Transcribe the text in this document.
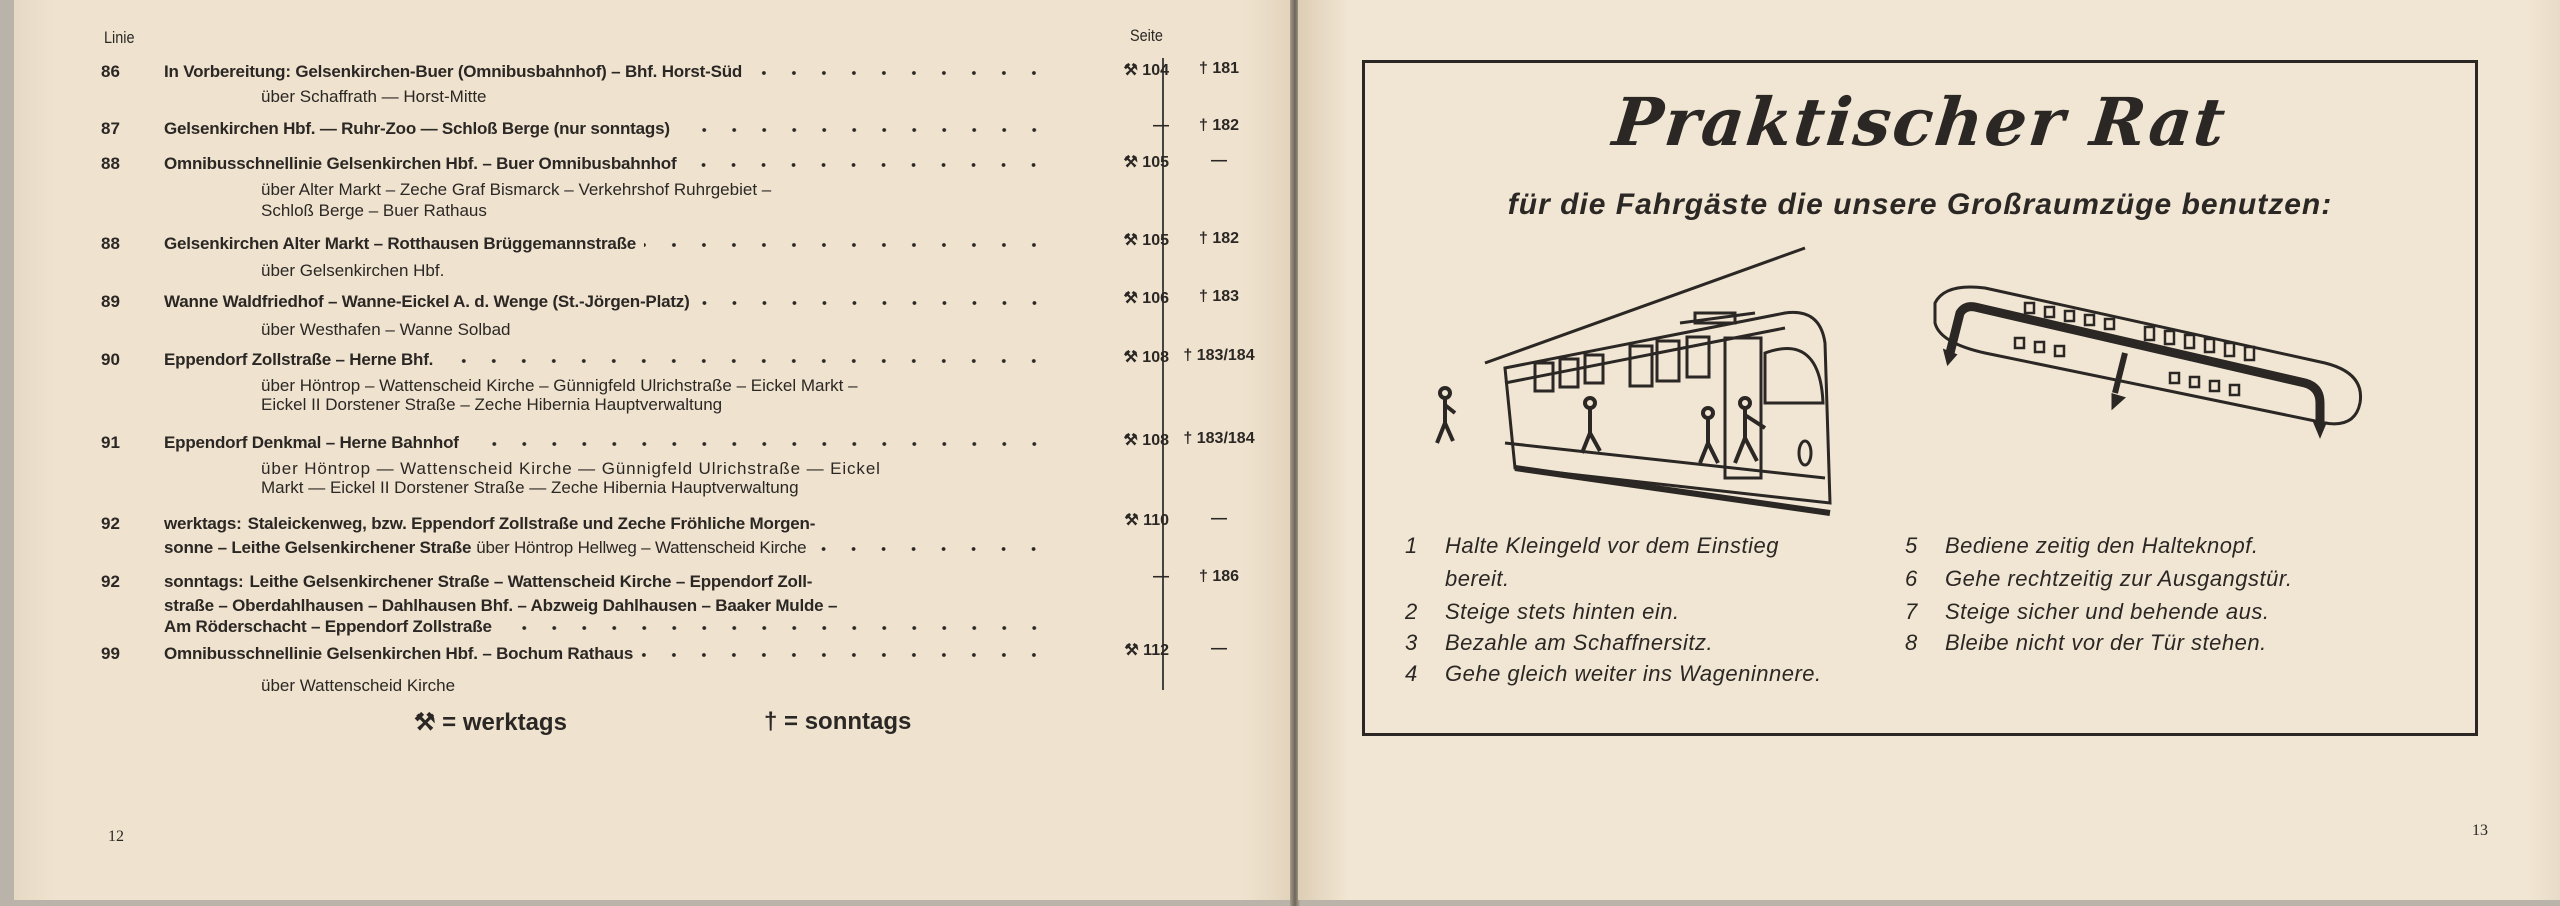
Linie	Seite
86	In Vorbereitung: Gelsenkirchen-Buer (Omnibusbahnhof) – Bhf. Horst-Süd
über Schaffrath — Horst-Mitte
⚒ 104	† 181
87	Gelsenkirchen Hbf. — Ruhr-Zoo — Schloß Berge (nur sonntags)	—	† 182
88	Omnibusschnellinie Gelsenkirchen Hbf. – Buer Omnibusbahnhof
über Alter Markt – Zeche Graf Bismarck – Verkehrshof Ruhrgebiet –
Schloß Berge – Buer Rathaus
⚒ 105	—
88	Gelsenkirchen Alter Markt – Rotthausen Brüggemannstraße
über Gelsenkirchen Hbf.
⚒ 105	† 182
89	Wanne Waldfriedhof – Wanne-Eickel A. d. Wenge (St.-Jörgen-Platz)
über Westhafen – Wanne Solbad
⚒ 106	† 183
90	Eppendorf Zollstraße – Herne Bhf.
über Höntrop – Wattenscheid Kirche – Günnigfeld Ulrichstraße – Eickel Markt –
Eickel II Dorstener Straße – Zeche Hibernia Hauptverwaltung
⚒ 108 † 183/184
91	Eppendorf Denkmal – Herne Bahnhof
über Höntrop — Wattenscheid Kirche — Günnigfeld Ulrichstraße — Eickel
Markt — Eickel II Dorstener Straße — Zeche Hibernia Hauptverwaltung
⚒ 108 † 183/184
92	werktags: Staleickenweg, bzw. Eppendorf Zollstraße und Zeche Fröhliche Morgen-
sonne – Leithe Gelsenkirchener Straße über Höntrop Hellweg – Wattenscheid Kirche
⚒ 110	—
92	sonntags: Leithe Gelsenkirchener Straße – Wattenscheid Kirche – Eppendorf Zoll-
straße – Oberdahlhausen – Dahlhausen Bhf. – Abzweig Dahlhausen – Baaker Mulde –
Am Röderschacht – Eppendorf Zollstraße
—	† 186
99	Omnibusschnellinie Gelsenkirchen Hbf. – Bochum Rathaus
über Wattenscheid Kirche
⚒ 112	—
⚒ = werktags	† = sonntags
12
Praktischer Rat
für die Fahrgäste die unsere Großraumzüge benutzen:
1 Halte Kleingeld vor dem Einstieg
bereit.
2 Steige stets hinten ein.
3 Bezahle am Schaffnersitz.
4 Gehe gleich weiter ins Wageninnere.
5 Bediene zeitig den Halteknopf.
6 Gehe rechtzeitig zur Ausgangstür.
7 Steige sicher und behende aus.
8 Bleibe nicht vor der Tür stehen.
13
